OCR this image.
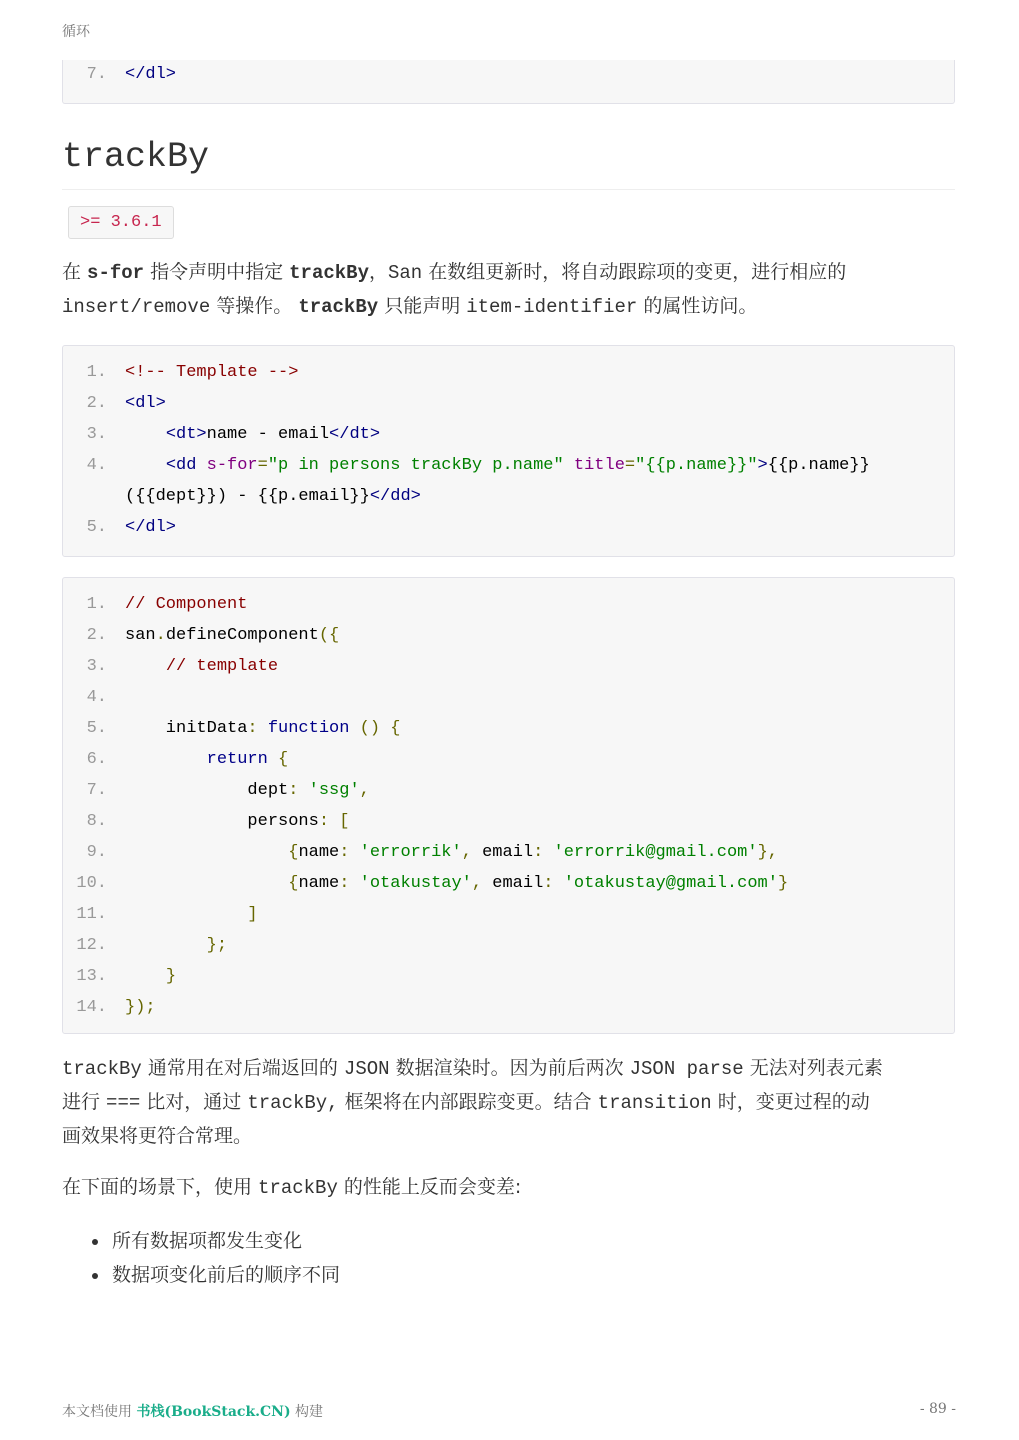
循环
7. </dl>
trackBy
>= 3.6.1

在 s-for 指令声明中指定 trackBy，San 在数组更新时，将自动跟踪项的变更，进行相应的
insert/remove 等操作。 trackBy 只能声明 item-identifier 的属性访问。

1. <!-- Template -->
2. <dl>
3.	<dt>name - email</dt>
4.	<dd s-for="p in persons trackBy p.name" title="{{p.name}}">{{p.name}}
({{dept}}) - {{p.email}}</dd>
5. </dl>
1. // Component
2. san.defineComponent({
3.	// template
4.
5. initData: function () {
6.	return {
7. dept: 'ssg',
8. persons: [
9.	{name: 'errorrik', email: 'errorrik@gmail.com'},
10.	{name: 'otakustay', email: 'otakustay@gmail.com'}
11.	]
12.	};
13.	}
14. });

trackBy 通常用在对后端返回的 JSON 数据渲染时。因为前后两次 JSON parse 无法对列表元素
进行 === 比对，通过 trackBy, 框架将在内部跟踪变更。结合 transition 时，变更过程的动
画效果将更符合常理。

在下面的场景下，使用 trackBy 的性能上反而会变差:

所有数据项都发生变化
数据项变化前后的顺序不同
本文档使用 书栈(BookStack.CN) 构建	- 89 -
